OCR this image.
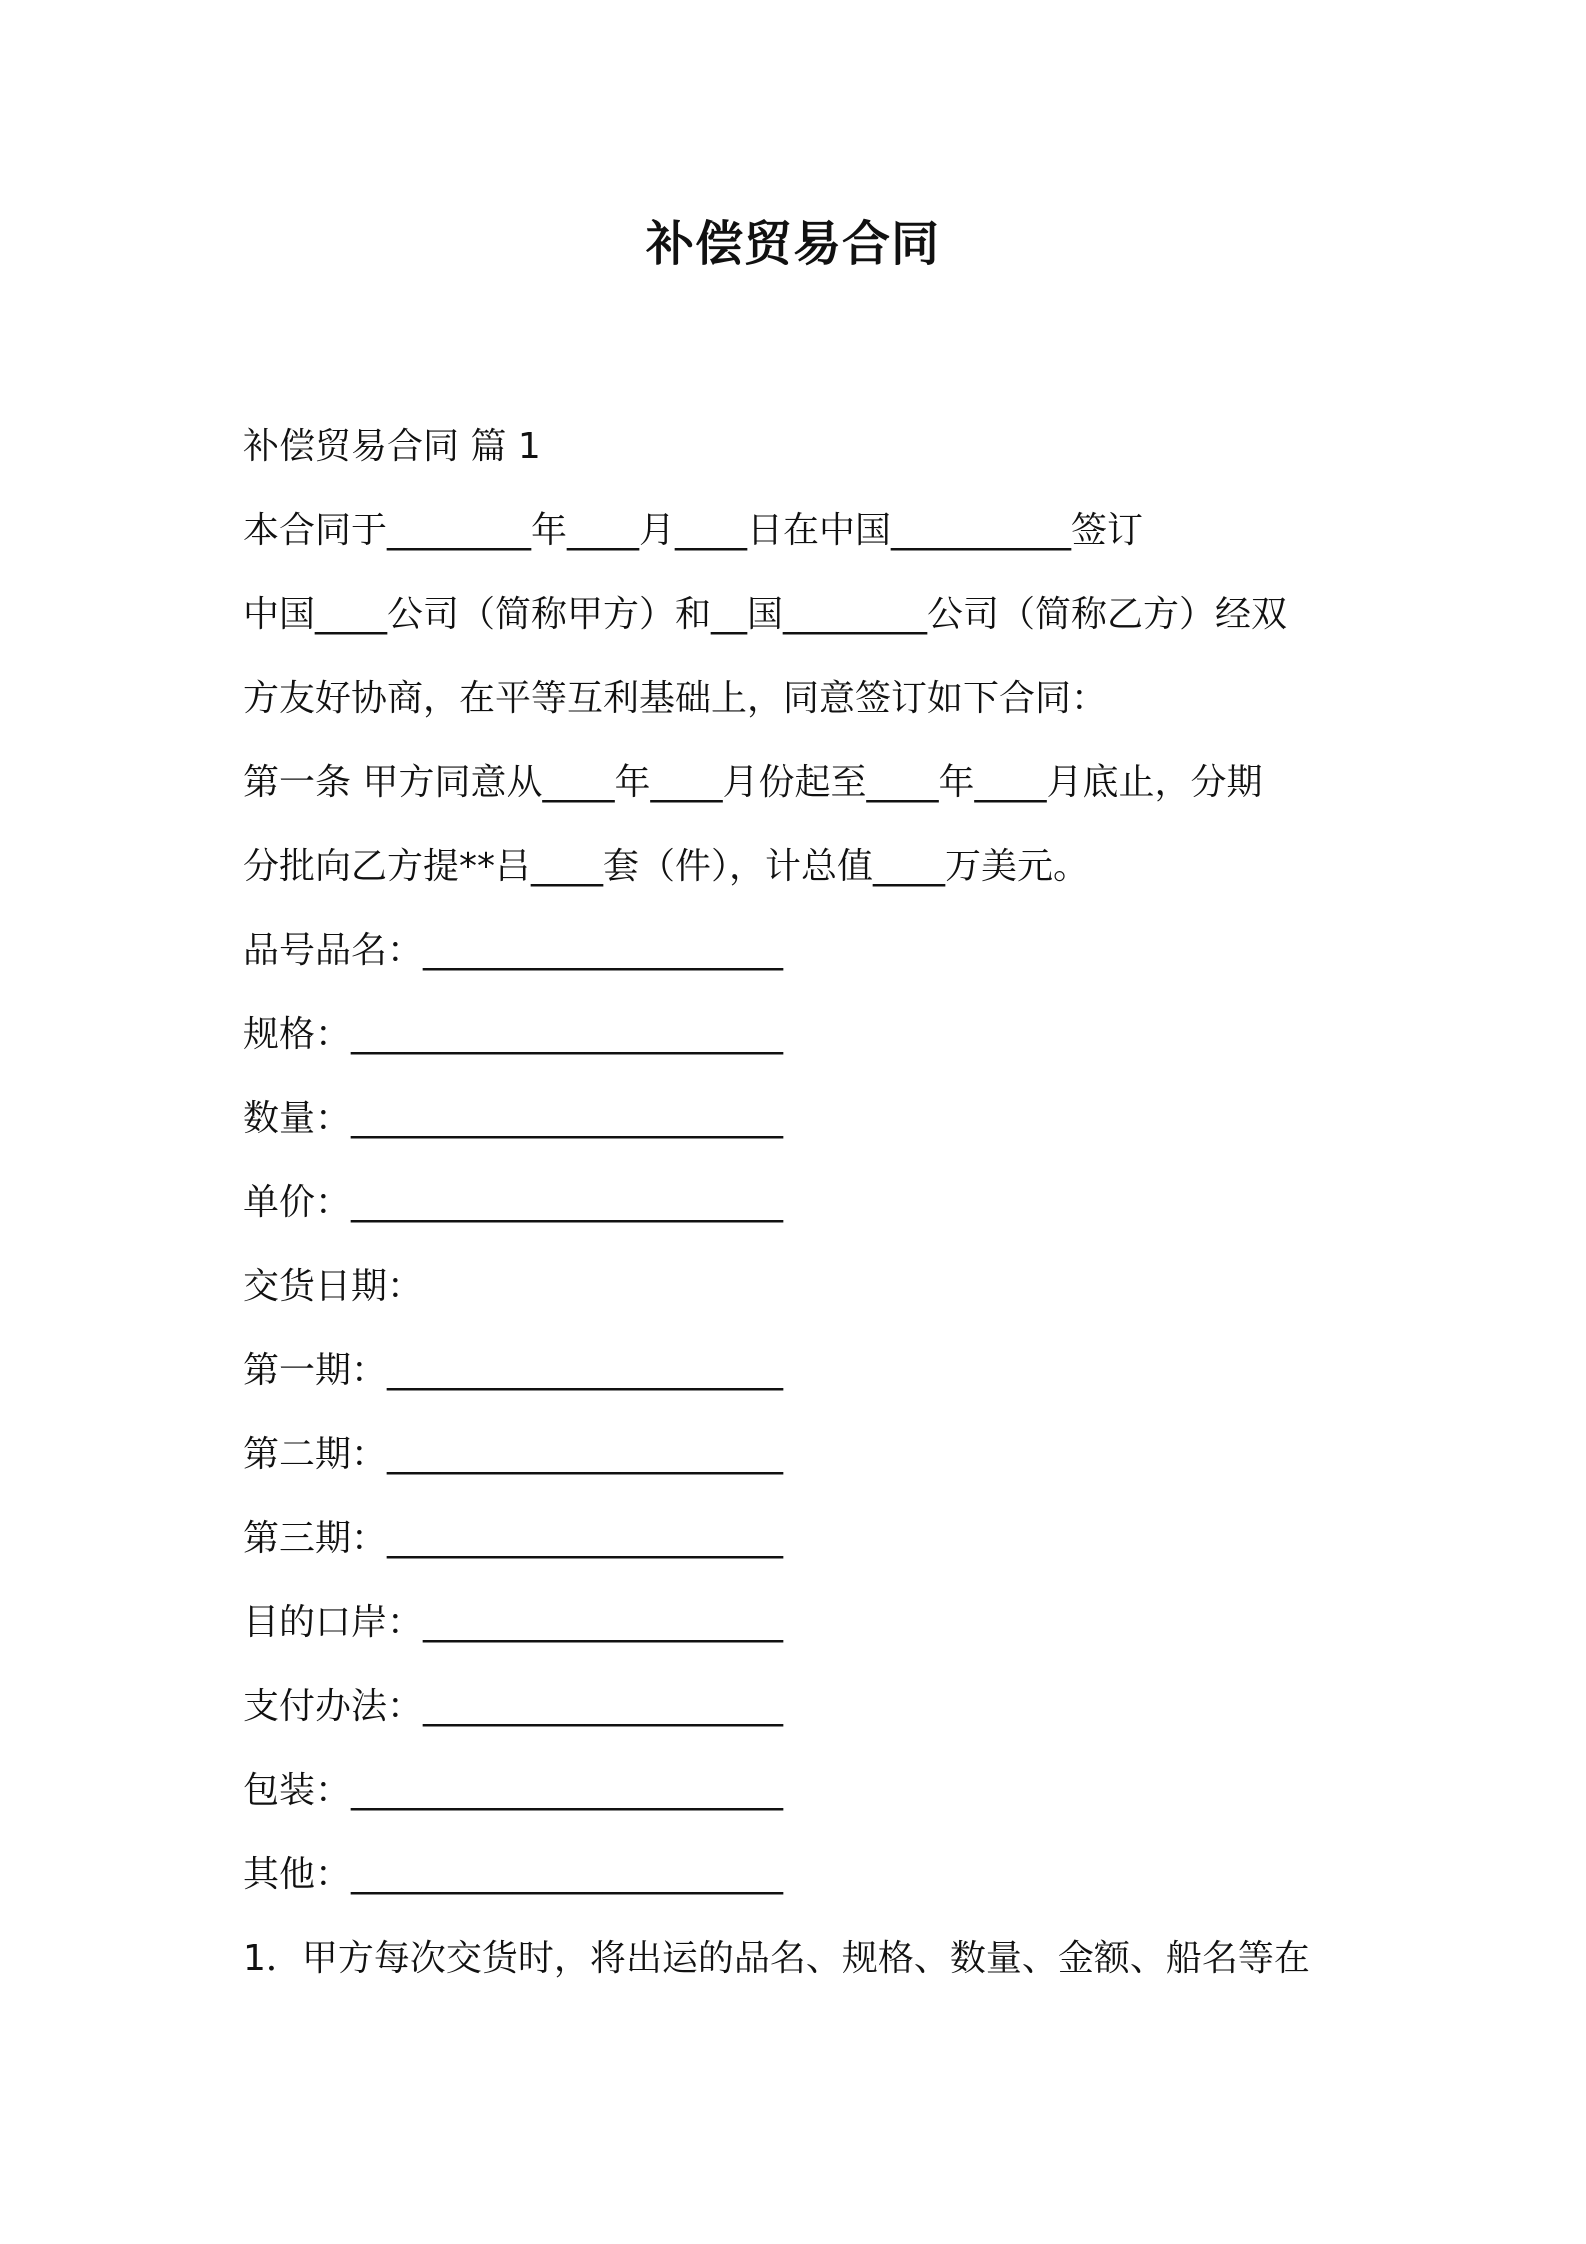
补偿贸易合同
补偿贸易合同 篇 1
本合同于________年____月____日在中国__________签订
中国____公司（简称甲方）和__国________公司（简称乙方）经双
方友好协商，在平等互利基础上，同意签订如下合同：
第一条 甲方同意从____年____月份起至____年____月底止，分期
分批向乙方提**吕____套（件），计总值____万美元。
品号品名：____________________
规格：________________________
数量：________________________
单价：________________________
交货日期：
第一期：______________________
第二期：______________________
第三期：______________________
目的口岸：____________________
支付办法：____________________
包装：________________________
其他：________________________
1．甲方每次交货时，将出运的品名、规格、数量、金额、船名等在
